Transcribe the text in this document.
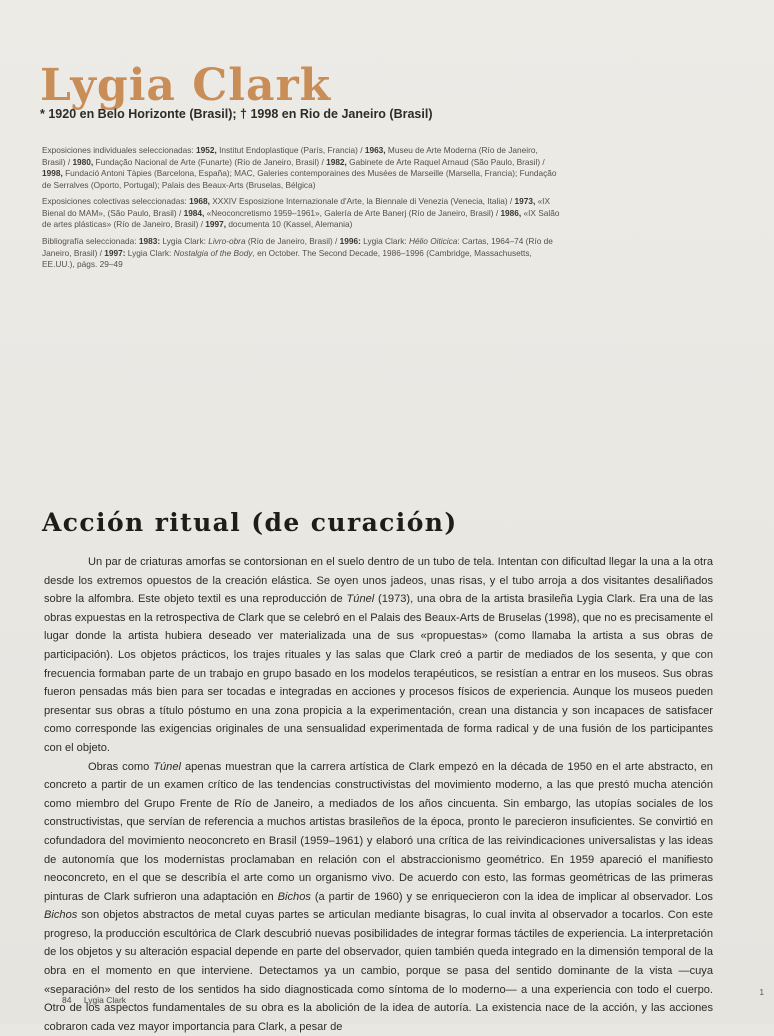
Lygia Clark
* 1920 en Belo Horizonte (Brasil); † 1998 en Rio de Janeiro (Brasil)
Exposiciones individuales seleccionadas: 1952, Institut Endoplastique (París, Francia) / 1963, Museu de Arte Moderna (Río de Janeiro, Brasil) / 1980, Fundação Nacional de Arte (Funarte) (Río de Janeiro, Brasil) / 1982, Gabinete de Arte Raquel Arnaud (São Paulo, Brasil) / 1998, Fundació Antoni Tàpies (Barcelona, España); MAC, Galeries contemporaines des Musées de Marseille (Marsella, Francia); Fundação de Serralves (Oporto, Portugal); Palais des Beaux-Arts (Bruselas, Bélgica)
Exposiciones colectivas seleccionadas: 1968, XXXIV Esposizione Internazionale d'Arte, la Biennale di Venezia (Venecia, Italia) / 1973, «IX Bienal do MAM», (São Paulo, Brasil) / 1984, «Neoconcretismo 1959–1961», Galería de Arte Banerj (Río de Janeiro, Brasil) / 1986, «IX Salão de artes plásticas» (Río de Janeiro, Brasil) / 1997, documenta 10 (Kassel, Alemania)
Bibliografía seleccionada: 1983: Lygia Clark: Livro-obra (Río de Janeiro, Brasil) / 1996: Lygia Clark: Hélio Oiticica: Cartas, 1964–74 (Río de Janeiro, Brasil) / 1997: Lygia Clark: Nostalgia of the Body, en October. The Second Decade, 1986–1996 (Cambridge, Massachusetts, EE.UU.), págs. 29–49
Acción ritual (de curación)

Un par de criaturas amorfas se contorsionan en el suelo dentro de un tubo de tela. Intentan con dificultad llegar la una a la otra desde los extremos opuestos de la creación elástica. Se oyen unos jadeos, unas risas, y el tubo arroja a dos visitantes desaliñados sobre la alfombra. Este objeto textil es una reproducción de Túnel (1973), una obra de la artista brasileña Lygia Clark. Era una de las obras expuestas en la retrospectiva de Clark que se celebró en el Palais des Beaux-Arts de Bruselas (1998), que no es precisamente el lugar donde la artista hubiera deseado ver materializada una de sus «propuestas» (como llamaba la artista a sus obras de participación). Los objetos prácticos, los trajes rituales y las salas que Clark creó a partir de mediados de los sesenta, y que con frecuencia formaban parte de un trabajo en grupo basado en los modelos terapéuticos, se resistían a entrar en los museos. Sus obras fueron pensadas más bien para ser tocadas e integradas en acciones y procesos físicos de experiencia. Aunque los museos pueden presentar sus obras a título póstumo en una zona propicia a la experimentación, crean una distancia y son incapaces de satisfacer como corresponde las exigencias originales de una sensualidad experimentada de forma radical y de una fusión de los participantes con el objeto.

Obras como Túnel apenas muestran que la carrera artística de Clark empezó en la década de 1950 en el arte abstracto, en concreto a partir de un examen crítico de las tendencias constructivistas del movimiento moderno, a las que prestó mucha atención como miembro del Grupo Frente de Río de Janeiro, a mediados de los años cincuenta. Sin embargo, las utopías sociales de los constructivistas, que servían de referencia a muchos artistas brasileños de la época, pronto le parecieron insuficientes. Se convirtió en cofundadora del movimiento neoconcreto en Brasil (1959–1961) y elaboró una crítica de las reivindicaciones universalistas y las ideas de autonomía que los modernistas proclamaban en relación con el abstraccionismo geométrico. En 1959 apareció el manifiesto neoconcreto, en el que se describía el arte como un organismo vivo. De acuerdo con esto, las formas geométricas de las primeras pinturas de Clark sufrieron una adaptación en Bichos (a partir de 1960) y se enriquecieron con la idea de implicar al observador. Los Bichos son objetos abstractos de metal cuyas partes se articulan mediante bisagras, lo cual invita al observador a tocarlos. Con este progreso, la producción escultórica de Clark descubrió nuevas posibilidades de integrar formas táctiles de experiencia. La interpretación de los objetos y su alteración espacial depende en parte del observador, quien también queda integrado en la dimensión temporal de la obra en el momento en que interviene. Detectamos ya un cambio, porque se pasa del sentido dominante de la vista —cuya «separación» del resto de los sentidos ha sido diagnosticada como síntoma de lo moderno— a una experiencia con todo el cuerpo. Otro de los aspectos fundamentales de su obra es la abolición de la idea de autoría. La existencia nace de la acción, y las acciones cobraron cada vez mayor importancia para Clark, a pesar de

84 Lygia Clark
1
